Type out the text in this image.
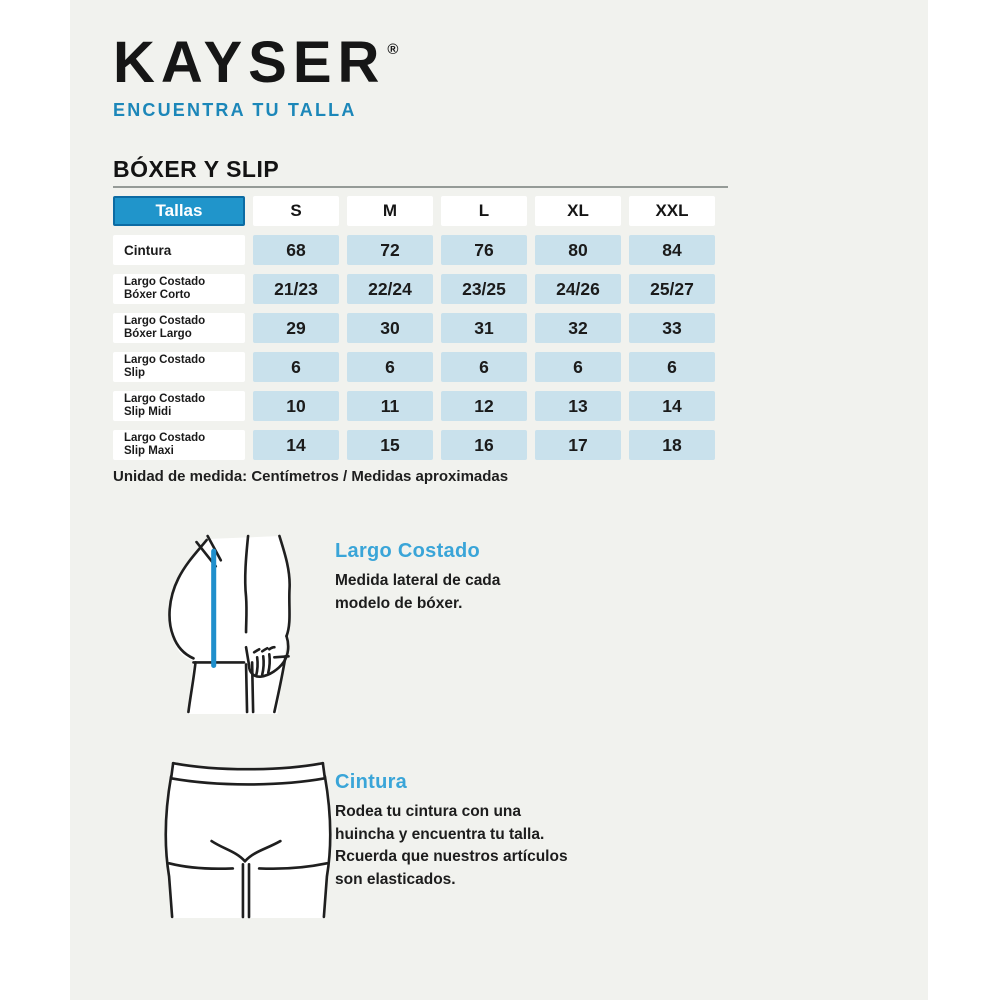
KAYSER ®
ENCUENTRA TU TALLA
BÓXER Y SLIP
Tallas	S	M	L	XL	XXL
Cintura	68	72	76	80	84
Largo Costado
Bóxer Corto	21/23	22/24	23/25	24/26	25/27
Largo Costado
Bóxer Largo	29	30	31	32	33
Largo Costado
Slip	6	6	6	6	6
Largo Costado
Slip Midi	10	11	12	13	14
Largo Costado
Slip Maxi	14	15	16	17	18

Unidad de medida: Centímetros / Medidas aproximadas

Largo Costado
Medida lateral de cada
modelo de bóxer.
Cintura
Rodea tu cintura con una
huincha y encuentra tu talla.
Rcuerda que nuestros artículos
son elasticados.
